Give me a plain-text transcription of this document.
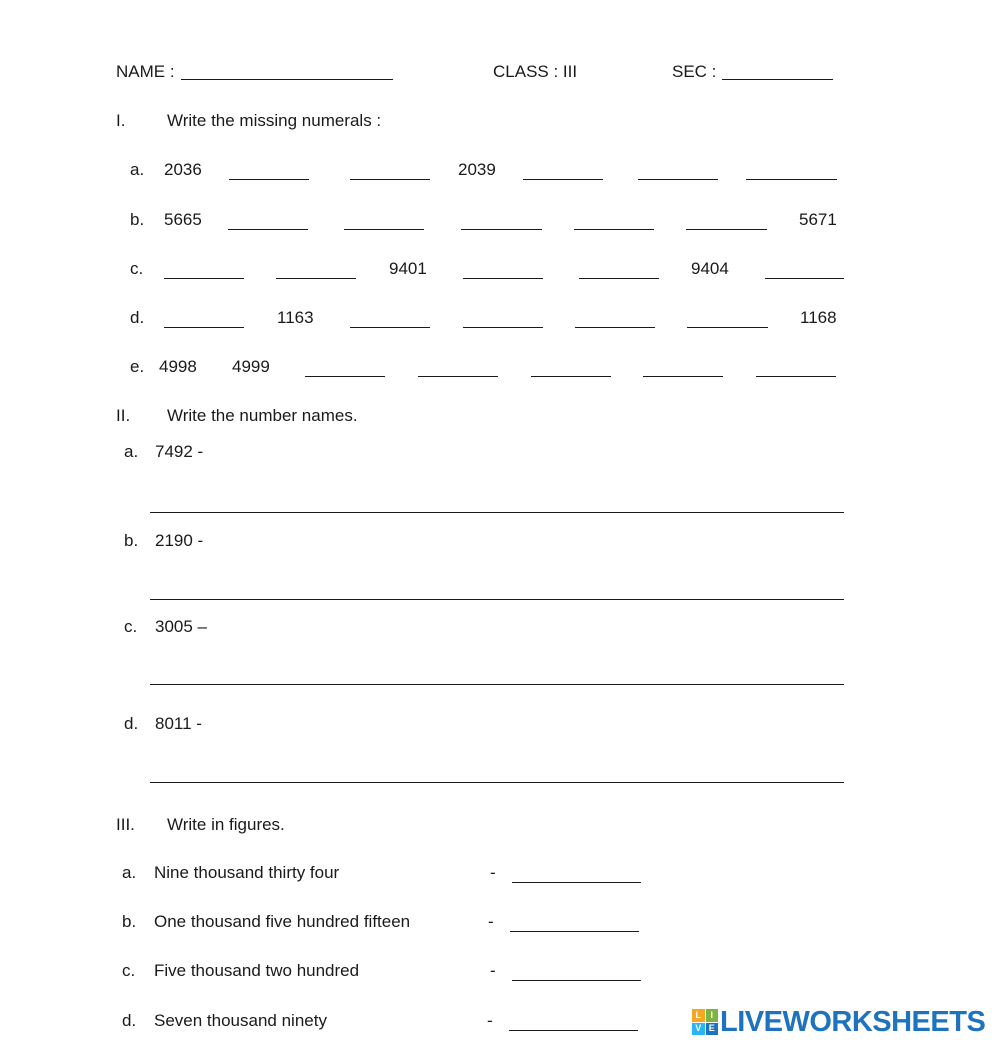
NAME :	CLASS : III	SEC :
I. Write the missing numerals :
a. 2036	2039
b. 5665	5671
c.	9401	9404
d.	1163	1168
e. 4998 4999
II. Write the number names.
a. 7492 -
b. 2190 -
c. 3005 –
d. 8011 -
III. Write in figures.
a. Nine thousand thirty four	-
b. One thousand five hundred fifteen	-
c. Five thousand two hundred	-
d. Seven thousand ninety	-	L	I
V E LIVEWORKSHEETS
